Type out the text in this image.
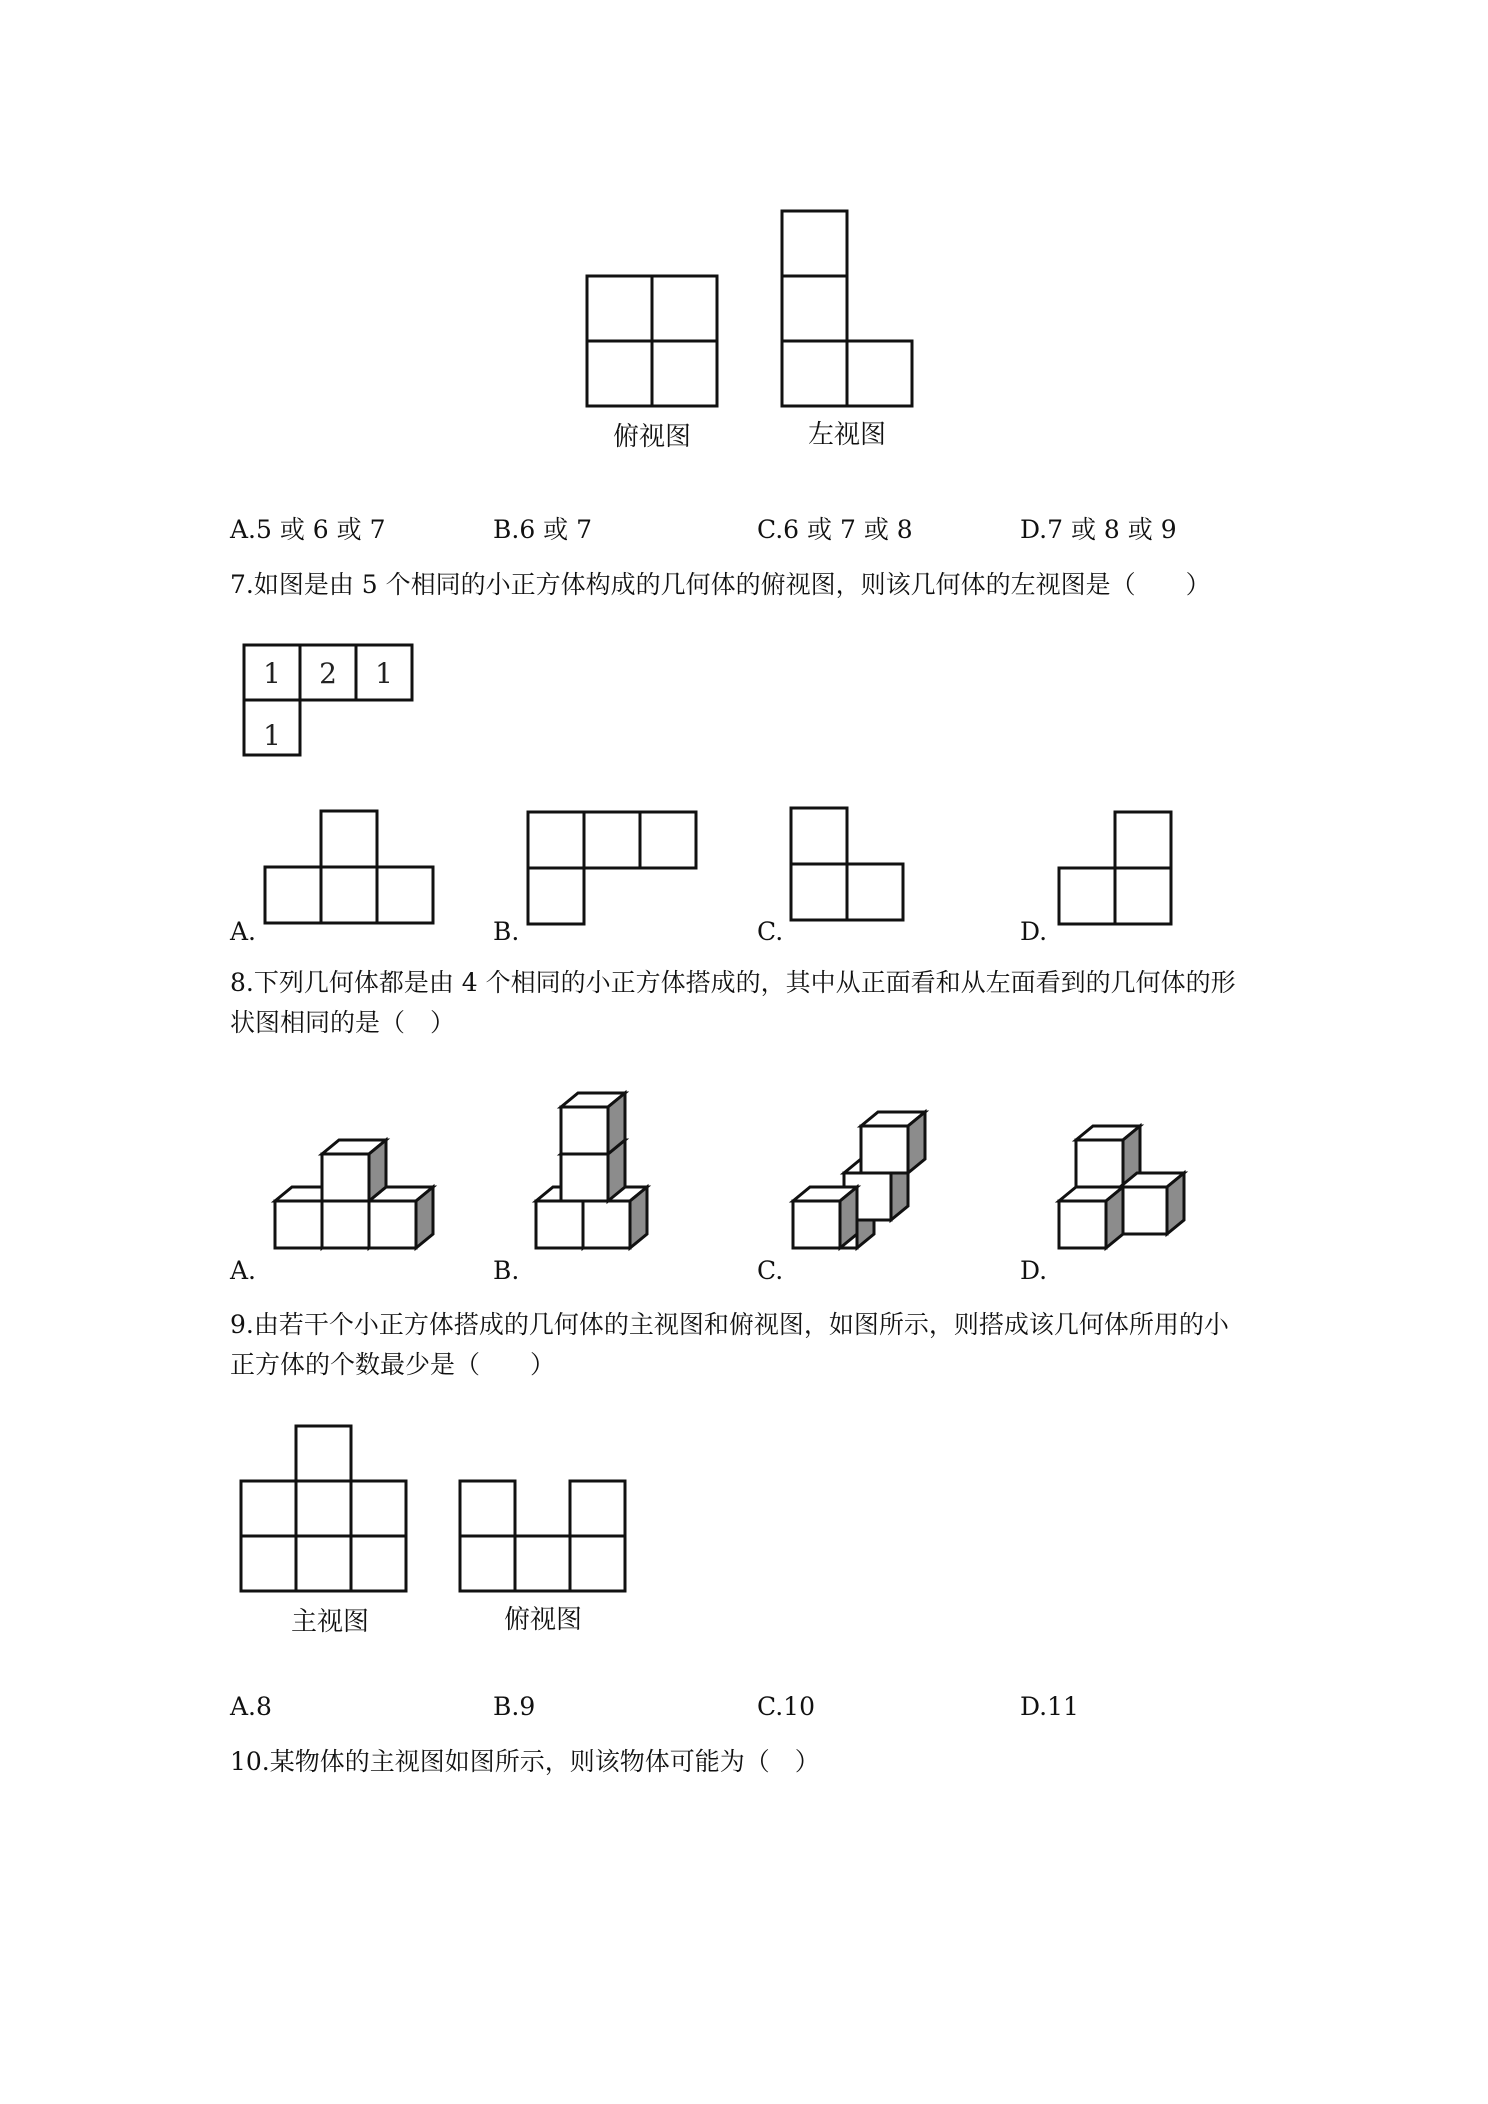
俯视图	左视图
A.5 或 6 或 7	B.6 或 7	C.6 或 7 或 8	D.7 或 8 或 9
7.如图是由 5 个相同的小正方体构成的几何体的俯视图，则该几何体的左视图是（　　）
1 2 1
1
A.	B.	C.	D.
8.下列几何体都是由 4 个相同的小正方体搭成的，其中从正面看和从左面看到的几何体的形
状图相同的是（　）
A.	B.	C.	D.
9.由若干个小正方体搭成的几何体的主视图和俯视图，如图所示，则搭成该几何体所用的小
正方体的个数最少是（　　）
主视图	俯视图
A.8	B.9	C.10	D.11
10.某物体的主视图如图所示，则该物体可能为（　）
